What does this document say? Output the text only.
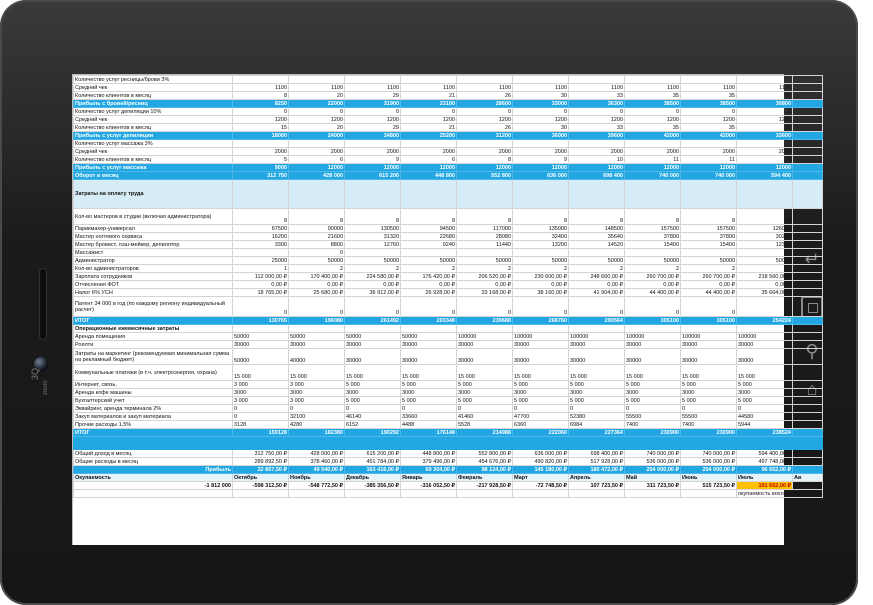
3Q
zoom
↵
⚲
⌂
Количество услуг ресницы/брови 3%											
Средний чек	1100	1100	1100	1100	1100	1100	1100	1100	1100	1100	
Количество клиентов в месяц	8	20	29	21	26	30	33	35	35	28	
Прибыль с бровей/ресниц	8250	22000	31900	23100	28600	33000	36300	38500	38500	30800	
Количество услуг депиляции 10%	0	0	0	0	0	0	0	0	0	0	
Средний чек	1200	1200	1200	1200	1200	1200	1200	1200	1200	1200	
Количество клиентов в месяц	15	20	29	21	26	30	33	35	35	28	
Прибыль с услуг депиляции	18000	24000	34800	25200	31200	36000	39600	42000	42000	33600	
Количество услуг массажа 3%											
Средний чек	2000	2000	2000	2000	2000	2000	2000	2000	2000	2000	
Количество клиентов в месяц	5	6	9	6	8	9	10	11	11	8	
Прибыль с услуг массажа	9000	12000	12000	12000	12000	12000	12000	12000	12000	12000	
Оборот в месяц	312 750	428 000	615 200	448 800	552 800	636 000	698 400	740 000	740 000	594 400	
Затраты на оплату труда											
Кол-во мастеров в студии (включая администратора)	8	8	8	8	8	8	8	8	8	8	
Парикмахер-универсал	67500	90000	130500	94500	117000	135000	148500	157500	157500	126000	
Мастер ногтевого сервиса	16200	21600	31320	22680	28080	32400	35640	37800	37800	30240	
Мастер бровист, лэш-мейкер, депилятор	3300	8800	12760	9240	11440	13200	14520	15400	15400	12320	
Массажист		0									
Администратор	25000	50000	50000	50000	50000	50000	50000	50000	50000	50000	
Кол-во администраторов	1	2	2	2	2	2	2	2	2	2	
Зарплата сотрудников	112 000,00 ₽	170 400,00 ₽	224 580,00 ₽	176 420,00 ₽	206 520,00 ₽	230 600,00 ₽	248 660,00 ₽	260 700,00 ₽	260 700,00 ₽	218 560,00 ₽	
Отчисления ФОТ	0,00 ₽	0,00 ₽	0,00 ₽	0,00 ₽	0,00 ₽	0,00 ₽	0,00 ₽	0,00 ₽	0,00 ₽	0,00 ₽	
Налог 6% УСН	18 765,00 ₽	25 680,00 ₽	36 912,00 ₽	26 928,00 ₽	33 168,00 ₽	38 160,00 ₽	41 904,00 ₽	44 400,00 ₽	44 400,00 ₽	35 664,00 ₽	
Патент 34 000 в год (по каждому региону индивидуальный расчет)	0	0	0	0	0	0	0	0	0	0	
ИТОГ	130765	196080	261492	203348	239688	268760	290564	305100	305100	254224	
Операционные ежемесячные затраты											
Аренда помещения	50000	50000	50000	50000	100000	100000	100000	100000	100000	100000	
Роялти	30000	30000	30000	30000	30000	30000	30000	30000	30000	30000	
Затраты на маркетинг (рекомендуемая минимальная сумма на рекламный бюджет)	50000	40000	30000	30000	30000	30000	30000	30000	30000	30000	
Коммунальные платежи (в т.ч. электроэнергия, охрана)	15 000	15 000	15 000	15 000	15 000	15 000	15 000	15 000	15 000	15 000	
Интернет, связь,	3 000	3 000	5 000	5 000	5 000	5 000	5 000	5 000	5 000	5 000	
Аренда кофе машины	3000	3000	3000	3000	3000	3000	3000	3000	3000	3000	
Бухгалтерский учет	3 000	3 000	5 000	5 000	5 000	5 000	5 000	5 000	5 000	5 000	
Эквайринг, аренда терминала 2%	0	0	0	0	0	0	0	0	0	0	
Закуп материалов и закуп материала	0	32100	46140	33660	41460	47700	52380	55500	55500	44580	
Прочие расходы 1,5%	3128	4280	6152	4488	5528	6360	6984	7400	7400	5944	
ИТОГ	159128	182380	190292	176148	214988	222060	227364	230900	230900	238524	

Общий доход в месяц	312 750,00 ₽	428 000,00 ₽	615 200,00 ₽	448 800,00 ₽	552 800,00 ₽	636 000,00 ₽	698 400,00 ₽	740 000,00 ₽	740 000,00 ₽	594 400,00 ₽	
Общие расходы в месяц	289 892,50 ₽	378 460,00 ₽	451 784,00 ₽	379 496,00 ₽	454 676,00 ₽	490 820,00 ₽	517 928,00 ₽	536 000,00 ₽	536 000,00 ₽	497 748,00 ₽	
Прибыль	22 857,50 ₽	49 540,00 ₽	163 416,00 ₽	69 304,00 ₽	98 124,00 ₽	145 180,00 ₽	180 472,00 ₽	204 000,00 ₽	204 000,00 ₽	96 652,00 ₽	
Окупаемость	Октябрь	Ноябрь	Декабрь	Январь	Февраль	Март	Апрель	Май	Июнь	Июль	Ав
-1 812 000	-598 312,50 ₽	-548 772,50 ₽	-385 356,50 ₽	-316 052,50 ₽	-217 928,50 ₽	-72 748,50 ₽	107 723,50 ₽	311 723,50 ₽	515 723,50 ₽	101 652,00 ₽	
										окупаемость вохл	
